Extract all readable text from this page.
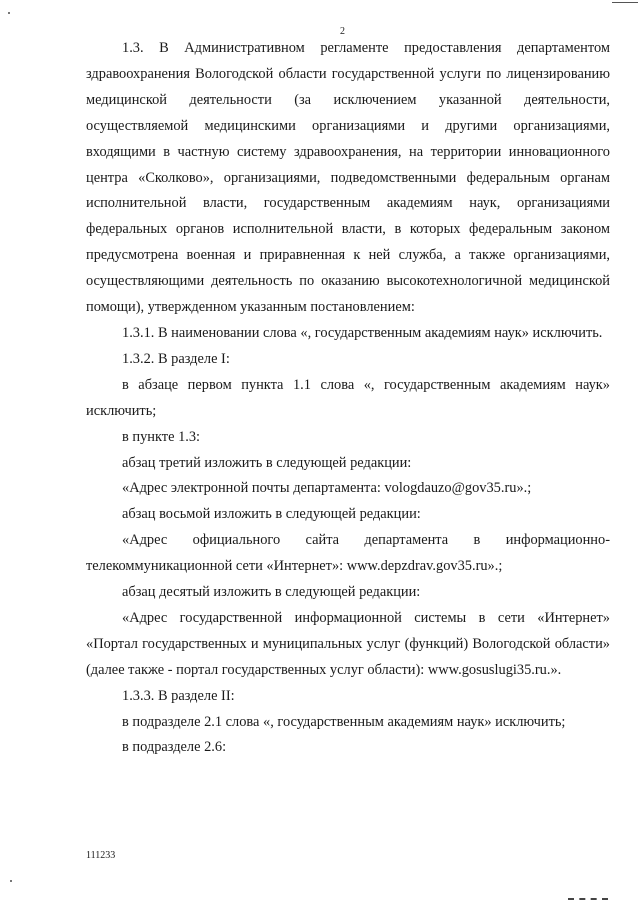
2

1.3. В Административном регламенте предоставления департаментом здравоохранения Вологодской области государственной услуги по лицензированию медицинской деятельности (за исключением указанной деятельности, осуществляемой медицинскими организациями и другими организациями, входящими в частную систему здравоохранения, на территории инновационного центра «Сколково», организациями, подведомственными федеральным органам исполнительной власти, государственным академиям наук, организациями федеральных органов исполнительной власти, в которых федеральным законом предусмотрена военная и приравненная к ней служба, а также организациями, осуществляющими деятельность по оказанию высокотехнологичной медицинской помощи), утвержденном указанным постановлением:

1.3.1. В наименовании слова «, государственным академиям наук» исключить.

1.3.2. В разделе I:

в абзаце первом пункта 1.1 слова «, государственным академиям наук» исключить;

в пункте 1.3:

абзац третий изложить в следующей редакции:

«Адрес электронной почты департамента: vologdauzo@gov35.ru».;

абзац восьмой изложить в следующей редакции:

«Адрес официального сайта департамента в информационно-телекоммуникационной сети «Интернет»: www.depzdrav.gov35.ru».;

абзац десятый изложить в следующей редакции:

«Адрес государственной информационной системы в сети «Интернет» «Портал государственных и муниципальных услуг (функций) Вологодской области» (далее также - портал государственных услуг области): www.gosuslugi35.ru.».

1.3.3. В разделе II:

в подразделе 2.1 слова «, государственным академиям наук» исключить;

в подразделе 2.6:

111233
